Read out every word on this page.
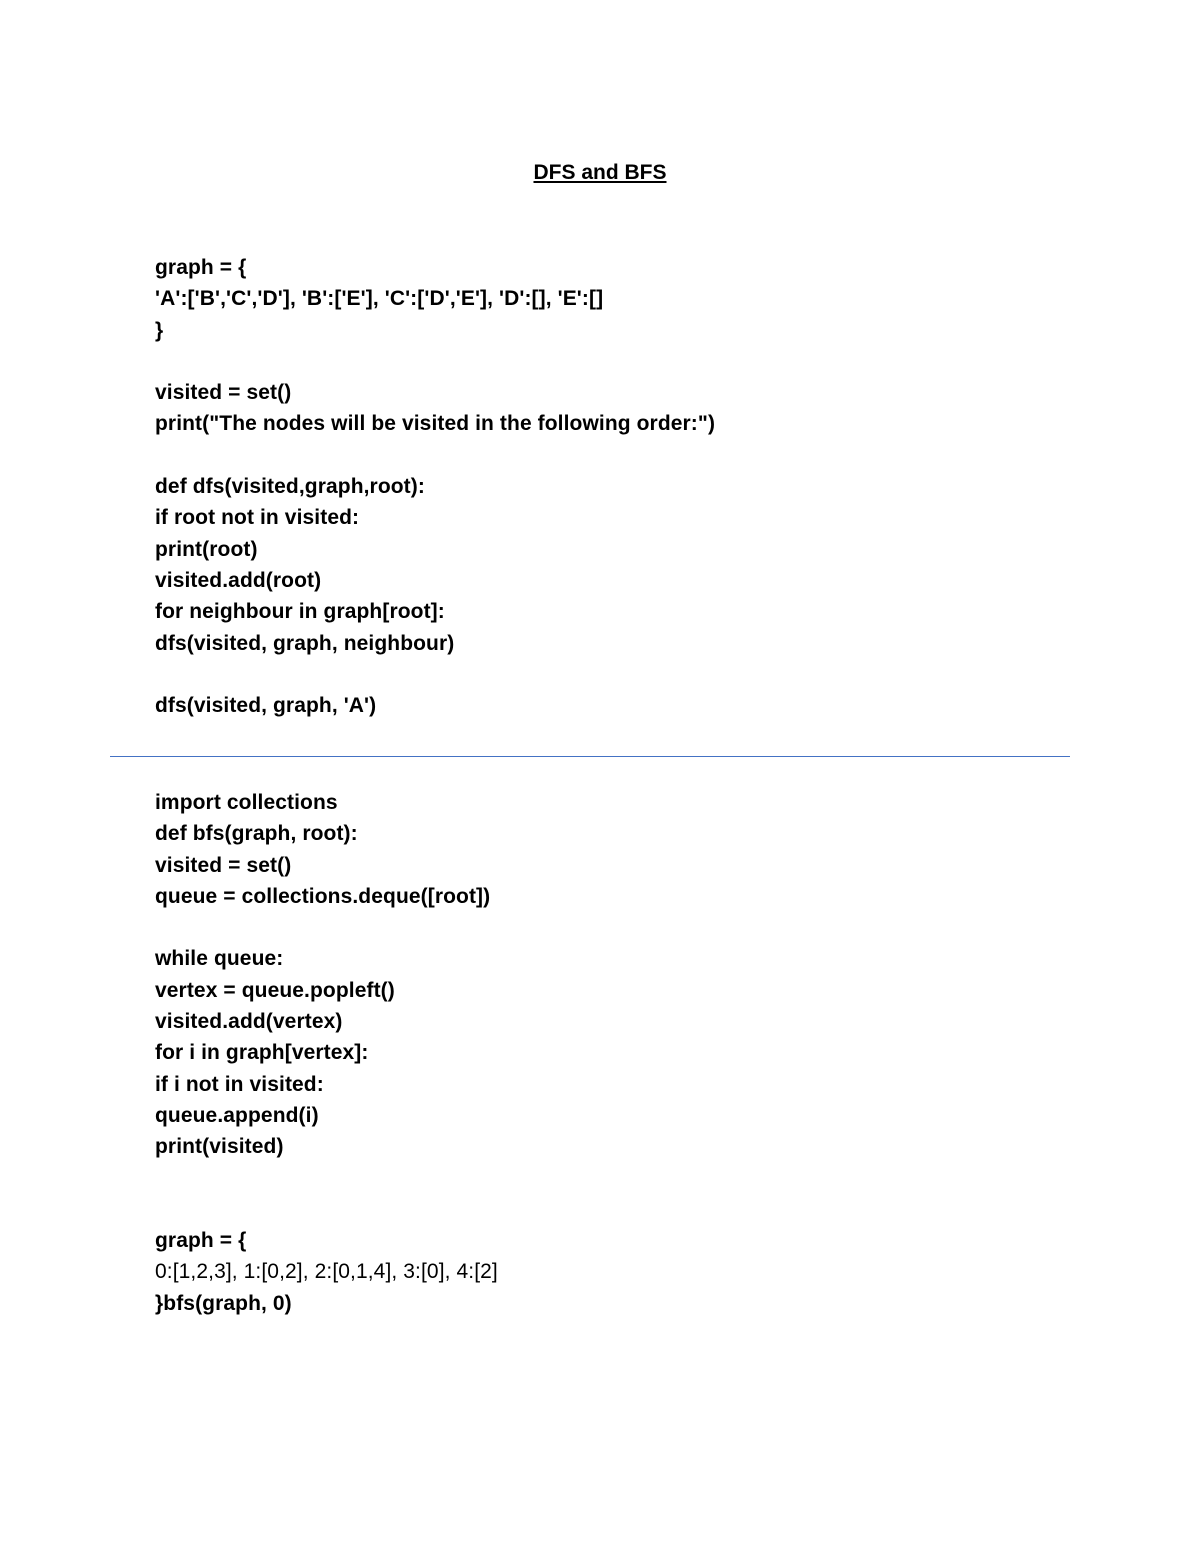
DFS and BFS
graph = {
'A':['B','C','D'], 'B':['E'], 'C':['D','E'], 'D':[], 'E':[]
}
visited = set()
print("The nodes will be visited in the following order:")
def dfs(visited,graph,root):
if root not in visited:
print(root)
visited.add(root)
for neighbour in graph[root]:
dfs(visited, graph, neighbour)
dfs(visited, graph, 'A')
import collections
def bfs(graph, root):
visited = set()
queue = collections.deque([root])
while queue:
vertex = queue.popleft()
visited.add(vertex)
for i in graph[vertex]:
if i not in visited:
queue.append(i)
print(visited)
graph = {
0:[1,2,3], 1:[0,2], 2:[0,1,4], 3:[0], 4:[2]
}bfs(graph, 0)
